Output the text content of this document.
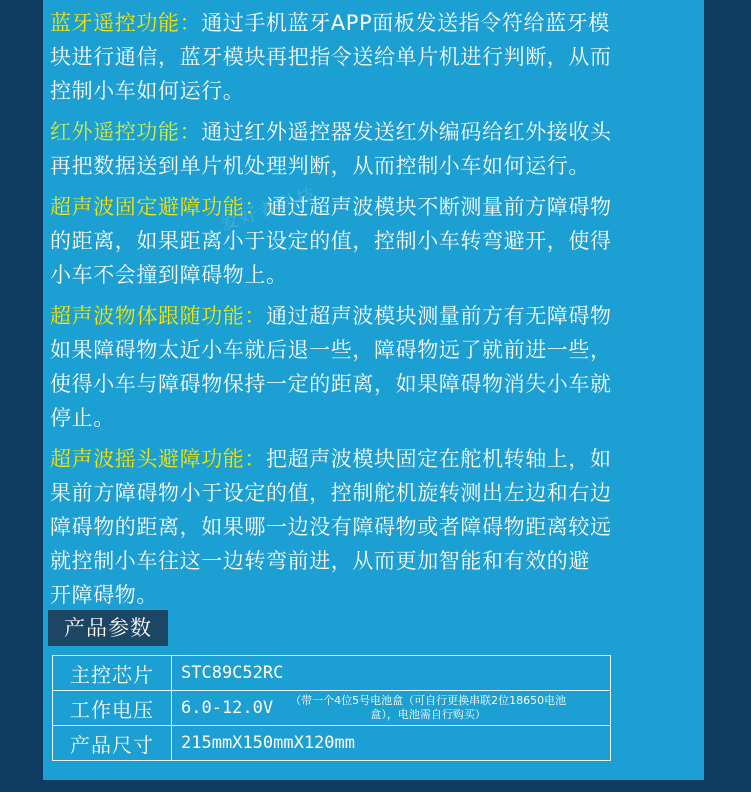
蓝牙遥控功能：通过手机蓝牙APP面板发送指令符给蓝牙模
块进行通信，蓝牙模块再把指令送给单片机进行判断，从而
控制小车如何运行。

红外遥控功能：通过红外遥控器发送红外编码给红外接收头
再把数据送到单片机处理判断，从而控制小车如何运行。

超声波固定避障功能：通过超声波模块不断测量前方障碍物
的距离，如果距离小于设定的值，控制小车转弯避开，使得
小车不会撞到障碍物上。

超声波物体跟随功能：通过超声波模块测量前方有无障碍物
如果障碍物太近小车就后退一些，障碍物远了就前进一些，
使得小车与障碍物保持一定的距离，如果障碍物消失小车就
停止。

超声波摇头避障功能：把超声波模块固定在舵机转轴上，如
果前方障碍物小于设定的值，控制舵机旋转测出左边和右边
障碍物的距离，如果哪一边没有障碍物或者障碍物距离较远
就控制小车往这一边转弯前进，从而更加智能和有效的避
开障碍物。

爱好者科技
产品参数
主控芯片	STC89C52RC
工作电压	6.0-12.0V （带一个4位5号电池盒（可自行更换串联2位18650电池盒），电池需自行购买）
产品尺寸	215mmX150mmX120mm
